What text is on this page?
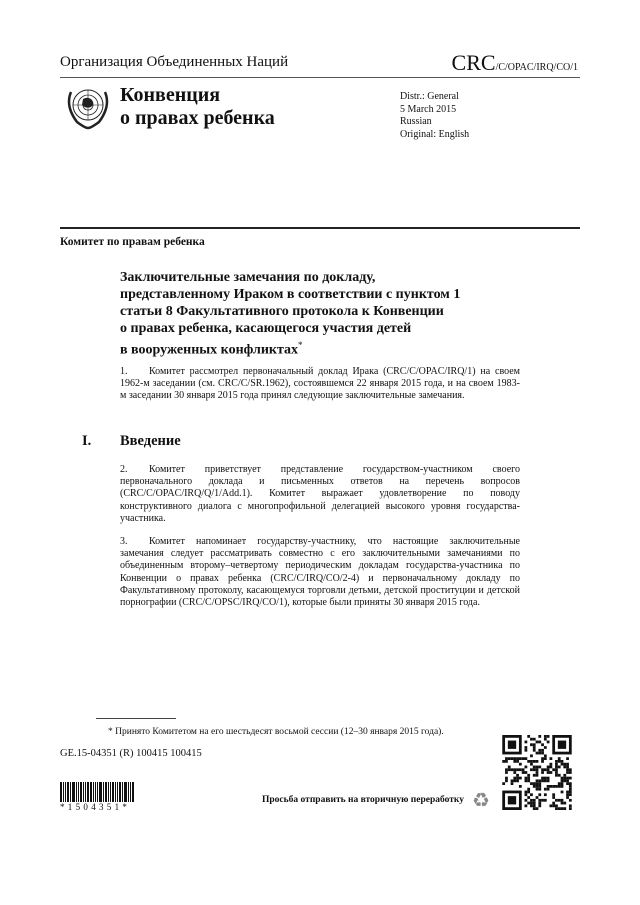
Организация Объединенных Наций	CRC/C/OPAC/IRQ/CO/1
Конвенция
о правах ребенка
Distr.: General
5 March 2015
Russian
Original: English
Комитет по правам ребенка
Заключительные замечания по докладу,
представленному Ираком в соответствии с пунктом 1
статьи 8 Факультативного протокола к Конвенции
о правах ребенка, касающегося участия детей
в вооруженных конфликтах*
1. Комитет рассмотрел первоначальный доклад Ирака (CRC/C/OPAC/IRQ/1) на своем 1962-м заседании (см. CRC/C/SR.1962), состоявшемся 22 января 2015 года, и на своем 1983-м заседании 30 января 2015 года принял следующие заключительные замечания.
I. Введение
2. Комитет приветствует представление государством-участником своего первоначального доклада и письменных ответов на перечень вопросов (CRC/C/OPAC/IRQ/Q/1/Add.1). Комитет выражает удовлетворение по поводу конструктивного диалога с многопрофильной делегацией высокого уровня государства-участника.
3. Комитет напоминает государству-участнику, что настоящие заключительные замечания следует рассматривать совместно с его заключительными замечаниями по объединенным второму–четвертому периодическим докладам государства-участника по Конвенции о правах ребенка (CRC/C/IRQ/CO/2-4) и первоначальному докладу по Факультативному протоколу, касающемуся торговли детьми, детской проституции и детской порнографии (CRC/C/OPSC/IRQ/CO/1), которые были приняты 30 января 2015 года.
* Принято Комитетом на его шестьдесят восьмой сессии (12–30 января 2015 года).
GE.15-04351 (R) 100415 100415
*1504351*
Просьба отправить на вторичную переработку ♻
